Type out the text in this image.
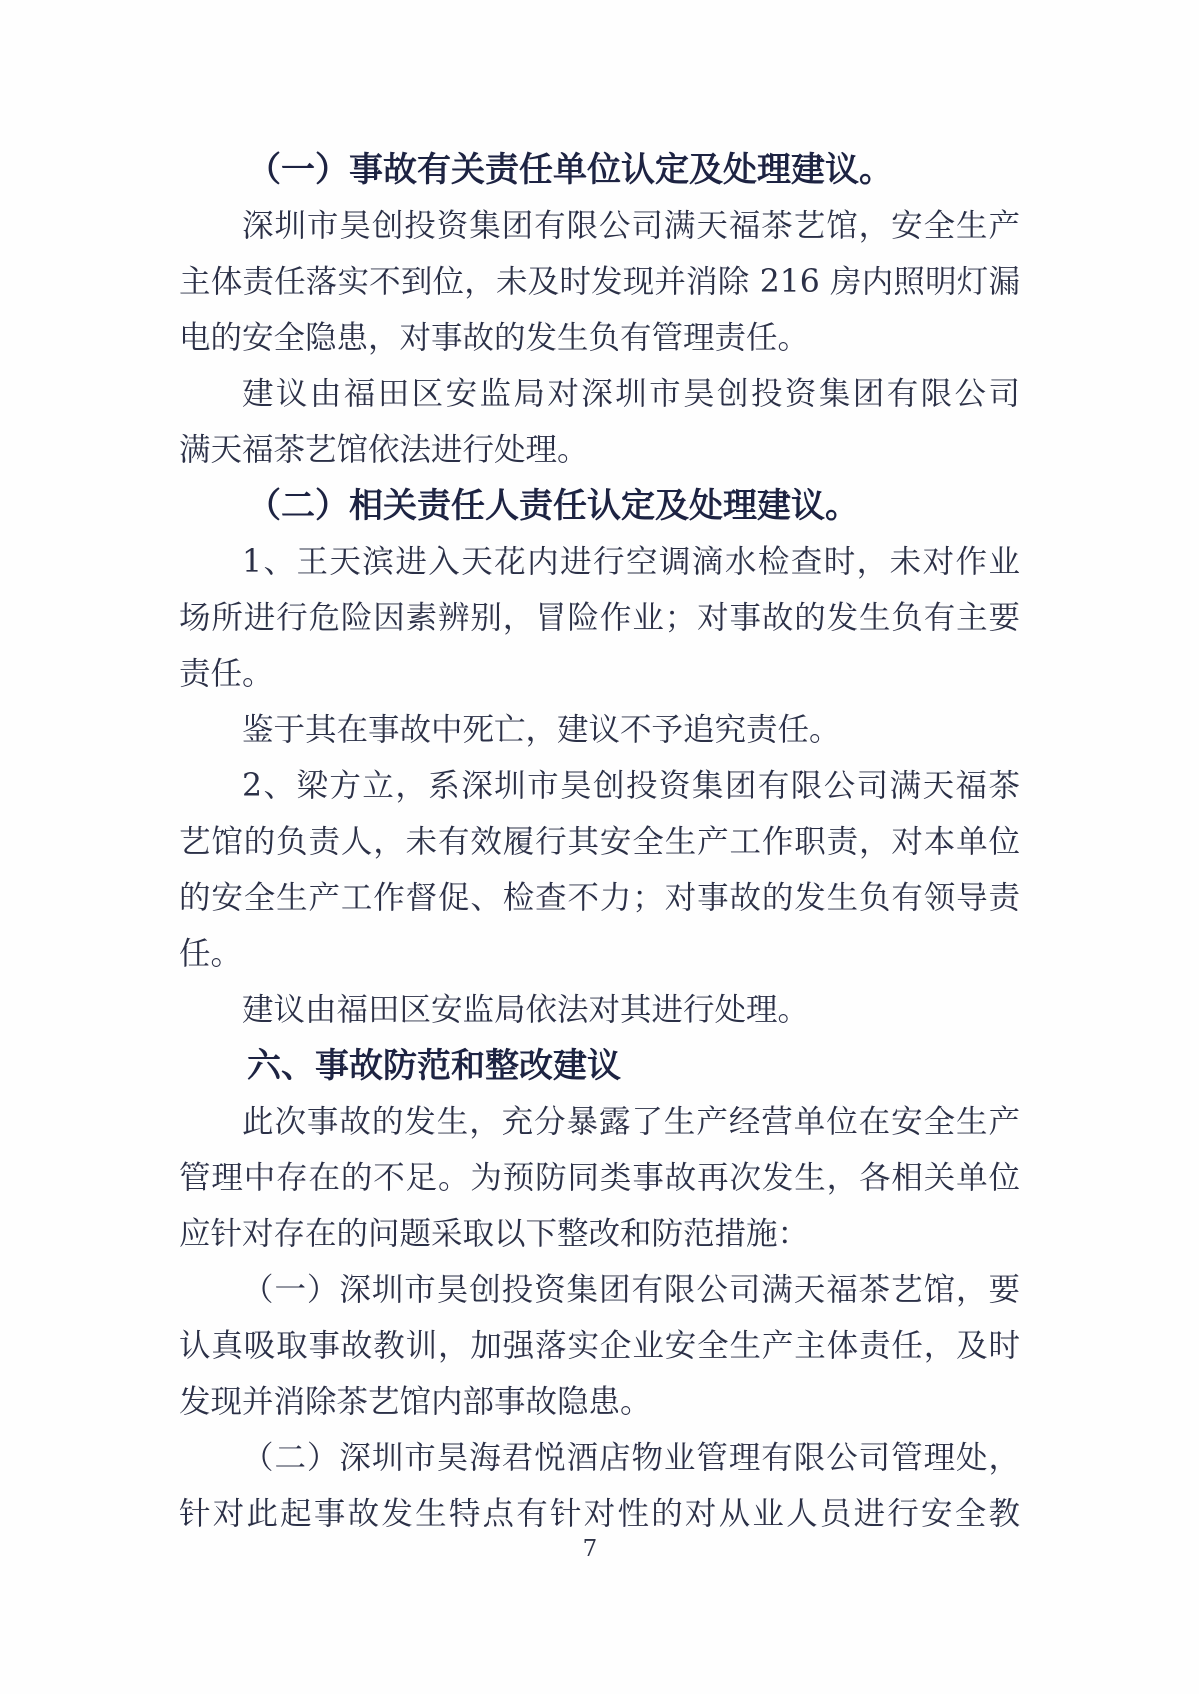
（一）事故有关责任单位认定及处理建议。
深圳市昊创投资集团有限公司满天福茶艺馆，安全生产
主体责任落实不到位，未及时发现并消除 216 房内照明灯漏
电的安全隐患，对事故的发生负有管理责任。
建议由福田区安监局对深圳市昊创投资集团有限公司
满天福茶艺馆依法进行处理。
（二）相关责任人责任认定及处理建议。
1、王天滨进入天花内进行空调滴水检查时，未对作业
场所进行危险因素辨别，冒险作业；对事故的发生负有主要
责任。
鉴于其在事故中死亡，建议不予追究责任。
2、梁方立，系深圳市昊创投资集团有限公司满天福茶
艺馆的负责人，未有效履行其安全生产工作职责，对本单位
的安全生产工作督促、检查不力；对事故的发生负有领导责
任。
建议由福田区安监局依法对其进行处理。
六、事故防范和整改建议
此次事故的发生，充分暴露了生产经营单位在安全生产
管理中存在的不足。为预防同类事故再次发生，各相关单位
应针对存在的问题采取以下整改和防范措施：
（一）深圳市昊创投资集团有限公司满天福茶艺馆，要
认真吸取事故教训，加强落实企业安全生产主体责任，及时
发现并消除茶艺馆内部事故隐患。
（二）深圳市昊海君悦酒店物业管理有限公司管理处，
针对此起事故发生特点有针对性的对从业人员进行安全教
7
